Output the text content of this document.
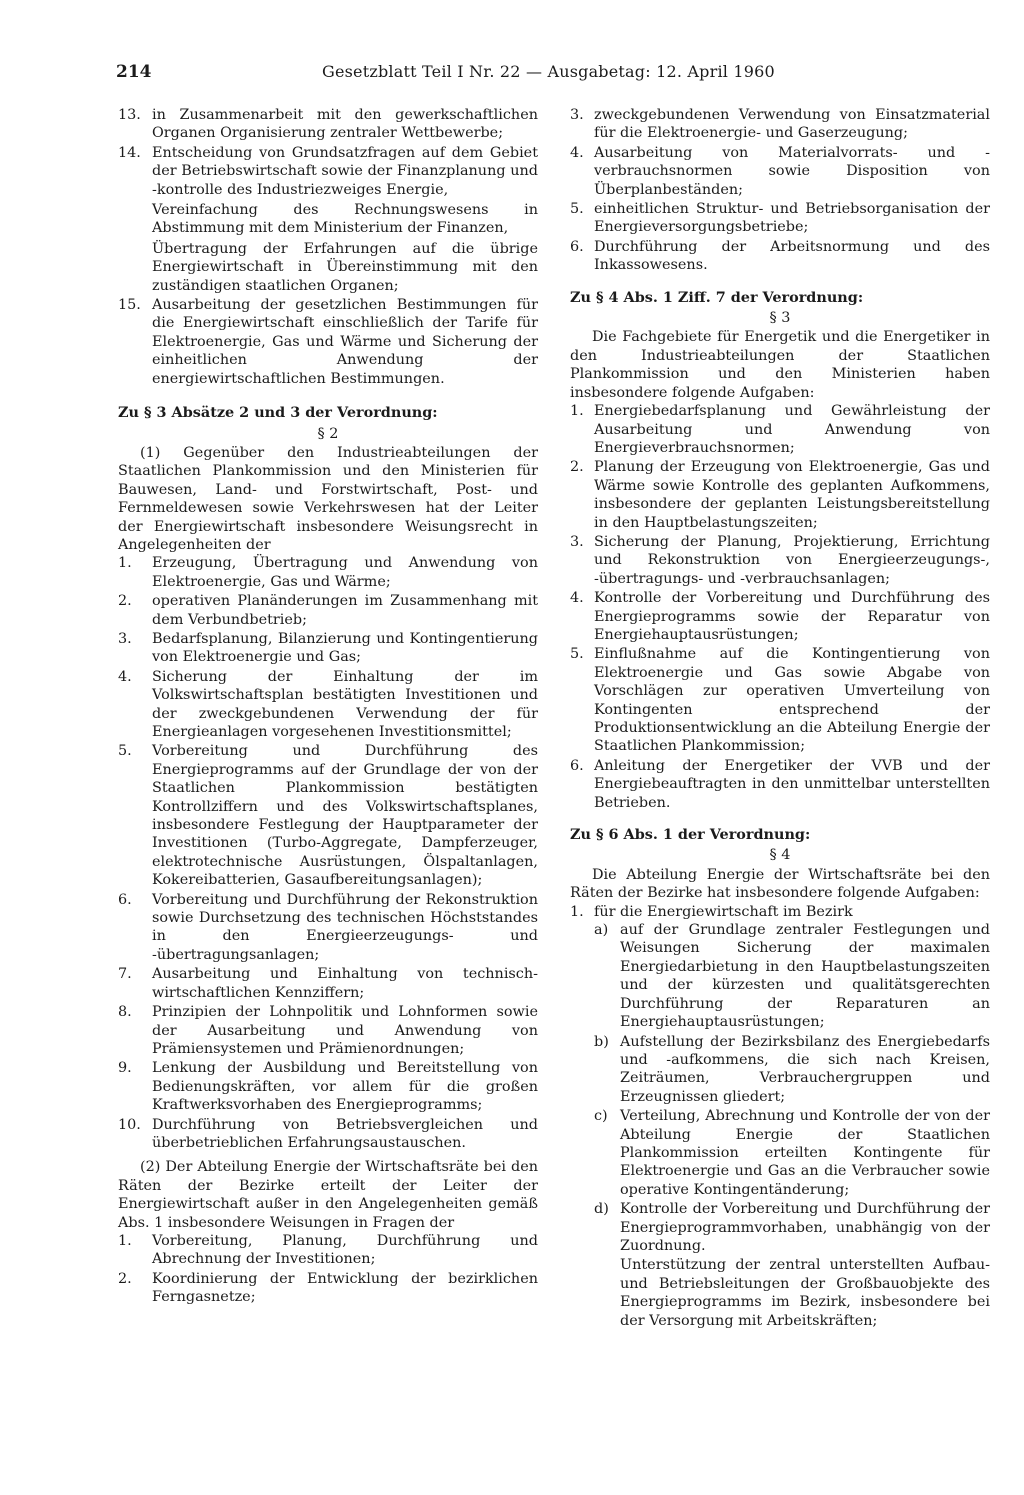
214	Gesetzblatt Teil I Nr. 22 — Ausgabetag: 12. April 1960
13. in Zusammenarbeit mit den gewerkschaftlichen Organen Organisierung zentraler Wettbewerbe;

14. Entscheidung von Grundsatzfragen auf dem Gebiet der Betriebswirtschaft sowie der Finanzplanung und -kontrolle des Industriezweiges Energie,

Vereinfachung des Rechnungswesens in Abstimmung mit dem Ministerium der Finanzen,

Übertragung der Erfahrungen auf die übrige Energiewirtschaft in Übereinstimmung mit den zuständigen staatlichen Organen;

15. Ausarbeitung der gesetzlichen Bestimmungen für die Energiewirtschaft einschließlich der Tarife für Elektroenergie, Gas und Wärme und Sicherung der einheitlichen Anwendung der energiewirtschaftlichen Bestimmungen.

Zu § 3 Absätze 2 und 3 der Verordnung:
§ 2

(1) Gegenüber den Industrieabteilungen der Staatlichen Plankommission und den Ministerien für Bauwesen, Land- und Forstwirtschaft, Post- und Fernmeldewesen sowie Verkehrswesen hat der Leiter der Energiewirtschaft insbesondere Weisungsrecht in Angelegenheiten der

1.	Erzeugung, Übertragung und Anwendung von Elektroenergie, Gas und Wärme;

2.	operativen Planänderungen im Zusammenhang mit dem Verbundbetrieb;

3.	Bedarfsplanung, Bilanzierung und Kontingentierung von Elektroenergie und Gas;

4.	Sicherung der Einhaltung der im Volkswirtschaftsplan bestätigten Investitionen und der zweckgebundenen Verwendung der für Energieanlagen vorgesehenen Investitionsmittel;

5.	Vorbereitung und Durchführung des Energieprogramms auf der Grundlage der von der Staatlichen Plankommission bestätigten Kontrollziffern und des Volkswirtschaftsplanes, insbesondere Festlegung der Hauptparameter der Investitionen (Turbo-Aggregate, Dampferzeuger, elektrotechnische Ausrüstungen, Ölspaltanlagen, Kokereibatterien, Gasaufbereitungsanlagen);

6.	Vorbereitung und Durchführung der Rekonstruktion sowie Durchsetzung des technischen Höchststandes in den Energieerzeugungs- und -übertragungsanlagen;

7.	Ausarbeitung und Einhaltung von technisch-wirtschaftlichen Kennziffern;

8.	Prinzipien der Lohnpolitik und Lohnformen sowie der Ausarbeitung und Anwendung von Prämiensystemen und Prämienordnungen;

9.	Lenkung der Ausbildung und Bereitstellung von Bedienungskräften, vor allem für die großen Kraftwerksvorhaben des Energieprogramms;

10. Durchführung von Betriebsvergleichen und überbetrieblichen Erfahrungsaustauschen.

(2) Der Abteilung Energie der Wirtschaftsräte bei den Räten der Bezirke erteilt der Leiter der Energiewirtschaft außer in den Angelegenheiten gemäß Abs. 1 insbesondere Weisungen in Fragen der

1.	Vorbereitung, Planung, Durchführung und Abrechnung der Investitionen;

2.	Koordinierung der Entwicklung der bezirklichen Ferngasnetze;

3. zweckgebundenen Verwendung von Einsatzmaterial für die Elektroenergie- und Gaserzeugung;

4. Ausarbeitung von Materialvorrats- und -verbrauchsnormen sowie Disposition von Überplanbeständen;

5. einheitlichen Struktur- und Betriebsorganisation der Energieversorgungsbetriebe;

6. Durchführung der Arbeitsnormung und des Inkassowesens.

Zu § 4 Abs. 1 Ziff. 7 der Verordnung:
§ 3

Die Fachgebiete für Energetik und die Energetiker in den Industrieabteilungen der Staatlichen Plankommission und den Ministerien haben insbesondere folgende Aufgaben:

1. Energiebedarfsplanung und Gewährleistung der Ausarbeitung und Anwendung von Energieverbrauchsnormen;

2. Planung der Erzeugung von Elektroenergie, Gas und Wärme sowie Kontrolle des geplanten Aufkommens, insbesondere der geplanten Leistungsbereitstellung in den Hauptbelastungszeiten;

3. Sicherung der Planung, Projektierung, Errichtung und Rekonstruktion von Energieerzeugungs-, -übertragungs- und -verbrauchsanlagen;

4. Kontrolle der Vorbereitung und Durchführung des Energieprogramms sowie der Reparatur von Energiehauptausrüstungen;

5. Einflußnahme auf die Kontingentierung von Elektroenergie und Gas sowie Abgabe von Vorschlägen zur operativen Umverteilung von Kontingenten entsprechend der Produktionsentwicklung an die Abteilung Energie der Staatlichen Plankommission;

6. Anleitung der Energetiker der VVB und der Energiebeauftragten in den unmittelbar unterstellten Betrieben.

Zu § 6 Abs. 1 der Verordnung:
§ 4

Die Abteilung Energie der Wirtschaftsräte bei den Räten der Bezirke hat insbesondere folgende Aufgaben:

1. für die Energiewirtschaft im Bezirk

a) auf der Grundlage zentraler Festlegungen und Weisungen Sicherung der maximalen Energiedarbietung in den Hauptbelastungszeiten und der kürzesten und qualitätsgerechten Durchführung der Reparaturen an Energiehauptausrüstungen;

b) Aufstellung der Bezirksbilanz des Energiebedarfs und -aufkommens, die sich nach Kreisen, Zeiträumen, Verbrauchergruppen und Erzeugnissen gliedert;

c) Verteilung, Abrechnung und Kontrolle der von der Abteilung Energie der Staatlichen Plankommission erteilten Kontingente für Elektroenergie und Gas an die Verbraucher sowie operative Kontingentänderung;

d) Kontrolle der Vorbereitung und Durchführung der Energieprogrammvorhaben, unabhängig von der Zuordnung.

Unterstützung der zentral unterstellten Aufbau- und Betriebsleitungen der Großbauobjekte des Energieprogramms im Bezirk, insbesondere bei der Versorgung mit Arbeitskräften;
